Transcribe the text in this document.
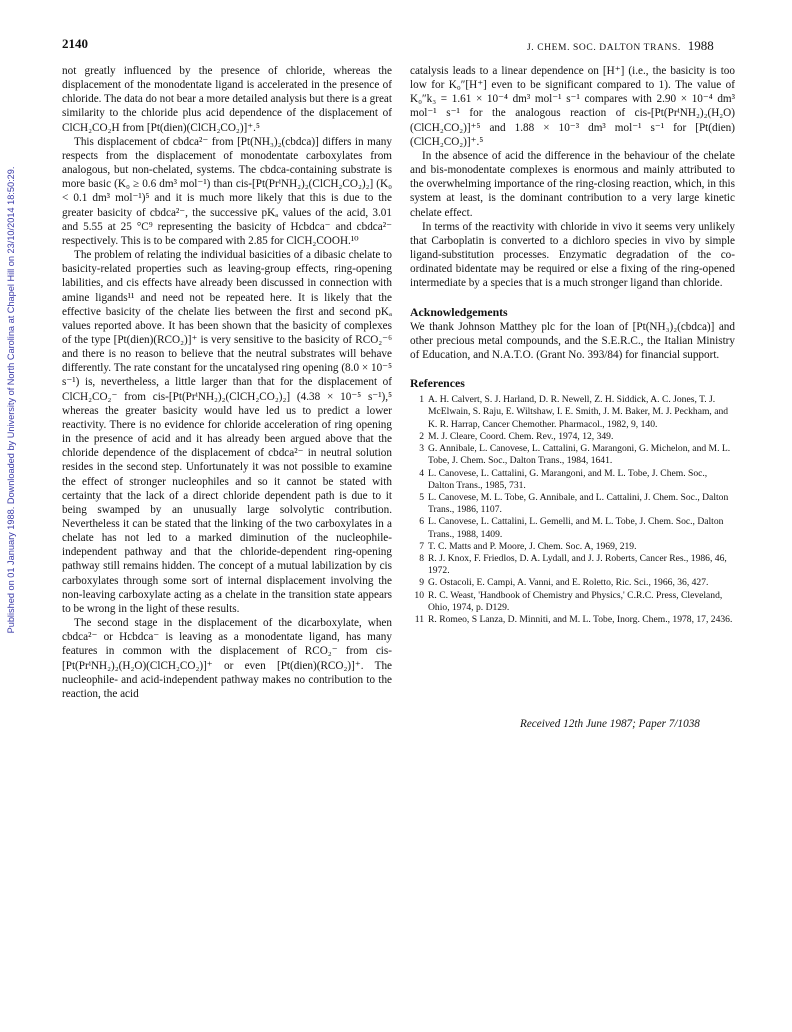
2140	J. CHEM. SOC. DALTON TRANS. 1988
Published on 01 January 1988. Downloaded by University of North Carolina at Chapel Hill on 23/10/2014 18:50:29.

not greatly influenced by the presence of chloride, whereas the displacement of the monodentate ligand is accelerated in the presence of chloride. The data do not bear a more detailed analysis but there is a great similarity to the chloride plus acid dependence of the displacement of ClCH₂CO₂H from [Pt(dien)(ClCH₂CO₂)]⁺.⁵

This displacement of cbdca²⁻ from [Pt(NH₃)₂(cbdca)] differs in many respects from the displacement of monodentate carboxylates from analogous, but non-chelated, systems. The cbdca-containing substrate is more basic (K₀ ≥ 0.6 dm³ mol⁻¹) than cis-[Pt(PrⁱNH₂)₂(ClCH₂CO₂)₂] (K₀ < 0.1 dm³ mol⁻¹)⁵ and it is much more likely that this is due to the greater basicity of cbdca²⁻, the successive pKₐ values of the acid, 3.01 and 5.55 at 25 °C⁹ representing the basicity of Hcbdca⁻ and cbdca²⁻ respectively. This is to be compared with 2.85 for ClCH₂COOH.¹⁰

The problem of relating the individual basicities of a dibasic chelate to basicity-related properties such as leaving-group effects, ring-opening labilities, and cis effects have already been discussed in connection with amine ligands¹¹ and need not be repeated here. It is likely that the effective basicity of the chelate lies between the first and second pKₐ values reported above. It has been shown that the basicity of complexes of the type [Pt(dien)(RCO₂)]⁺ is very sensitive to the basicity of RCO₂⁻⁶ and there is no reason to believe that the neutral substrates will behave differently. The rate constant for the uncatalysed ring opening (8.0 × 10⁻⁵ s⁻¹) is, nevertheless, a little larger than that for the displacement of ClCH₂CO₂⁻ from cis-[Pt(PrⁱNH₂)₂(ClCH₂CO₂)₂] (4.38 × 10⁻⁵ s⁻¹),⁵ whereas the greater basicity would have led us to predict a lower reactivity. There is no evidence for chloride acceleration of ring opening in the presence of acid and it has already been argued above that the chloride dependence of the displacement of cbdca²⁻ in neutral solution resides in the second step. Unfortunately it was not possible to examine the effect of stronger nucleophiles and so it cannot be stated with certainty that the lack of a direct chloride dependent path is due to it being swamped by an unusually large solvolytic contribution. Nevertheless it can be stated that the linking of the two carboxylates in a chelate has not led to a marked diminution of the nucleophile-independent pathway and that the chloride-dependent ring-opening pathway still remains hidden. The concept of a mutual labilization by cis carboxylates through some sort of internal displacement involving the non-leaving carboxylate acting as a chelate in the transition state appears to be wrong in the light of these results.

The second stage in the displacement of the dicarboxylate, when cbdca²⁻ or Hcbdca⁻ is leaving as a monodentate ligand, has many features in common with the displacement of RCO₂⁻ from cis-[Pt(PrⁱNH₂)₂(H₂O)(ClCH₂CO₂)]⁺ or even [Pt(dien)(RCO₂)]⁺. The nucleophile- and acid-independent pathway makes no contribution to the reaction, the acid

catalysis leads to a linear dependence on [H⁺] (i.e., the basicity is too low for K₀″[H⁺] even to be significant compared to 1). The value of K₀″k₃ = 1.61 × 10⁻⁴ dm³ mol⁻¹ s⁻¹ compares with 2.90 × 10⁻⁴ dm³ mol⁻¹ s⁻¹ for the analogous reaction of cis-[Pt(PrⁱNH₂)₂(H₂O)(ClCH₂CO₂)]⁺⁵ and 1.88 × 10⁻³ dm³ mol⁻¹ s⁻¹ for [Pt(dien)(ClCH₂CO₂)]⁺.⁵

In the absence of acid the difference in the behaviour of the chelate and bis-monodentate complexes is enormous and mainly attributed to the overwhelming importance of the ring-closing reaction, which, in this system at least, is the dominant contribution to a very large kinetic chelate effect.

In terms of the reactivity with chloride in vivo it seems very unlikely that Carboplatin is converted to a dichloro species in vivo by simple ligand-substitution processes. Enzymatic degradation of the co-ordinated bidentate may be required or else a fixing of the ring-opened intermediate by a species that is a much stronger ligand than chloride.

Acknowledgements

We thank Johnson Matthey plc for the loan of [Pt(NH₃)₂(cbdca)] and other precious metal compounds, and the S.E.R.C., the Italian Ministry of Education, and N.A.T.O. (Grant No. 393/84) for financial support.

References

1 A. H. Calvert, S. J. Harland, D. R. Newell, Z. H. Siddick, A. C. Jones, T. J. McElwain, S. Raju, E. Wiltshaw, I. E. Smith, J. M. Baker, M. J. Peckham, and K. R. Harrap, Cancer Chemother. Pharmacol., 1982, 9, 140.
2 M. J. Cleare, Coord. Chem. Rev., 1974, 12, 349.
3 G. Annibale, L. Canovese, L. Cattalini, G. Marangoni, G. Michelon, and M. L. Tobe, J. Chem. Soc., Dalton Trans., 1984, 1641.
4 L. Canovese, L. Cattalini, G. Marangoni, and M. L. Tobe, J. Chem. Soc., Dalton Trans., 1985, 731.
5 L. Canovese, M. L. Tobe, G. Annibale, and L. Cattalini, J. Chem. Soc., Dalton Trans., 1986, 1107.
6 L. Canovese, L. Cattalini, L. Gemelli, and M. L. Tobe, J. Chem. Soc., Dalton Trans., 1988, 1409.
7 T. C. Matts and P. Moore, J. Chem. Soc. A, 1969, 219.
8 R. J. Knox, F. Friedlos, D. A. Lydall, and J. J. Roberts, Cancer Res., 1986, 46, 1972.
9 G. Ostacoli, E. Campi, A. Vanni, and E. Roletto, Ric. Sci., 1966, 36, 427.
10 R. C. Weast, 'Handbook of Chemistry and Physics,' C.R.C. Press, Cleveland, Ohio, 1974, p. D129.
11 R. Romeo, S Lanza, D. Minniti, and M. L. Tobe, Inorg. Chem., 1978, 17, 2436.
Received 12th June 1987; Paper 7/1038
